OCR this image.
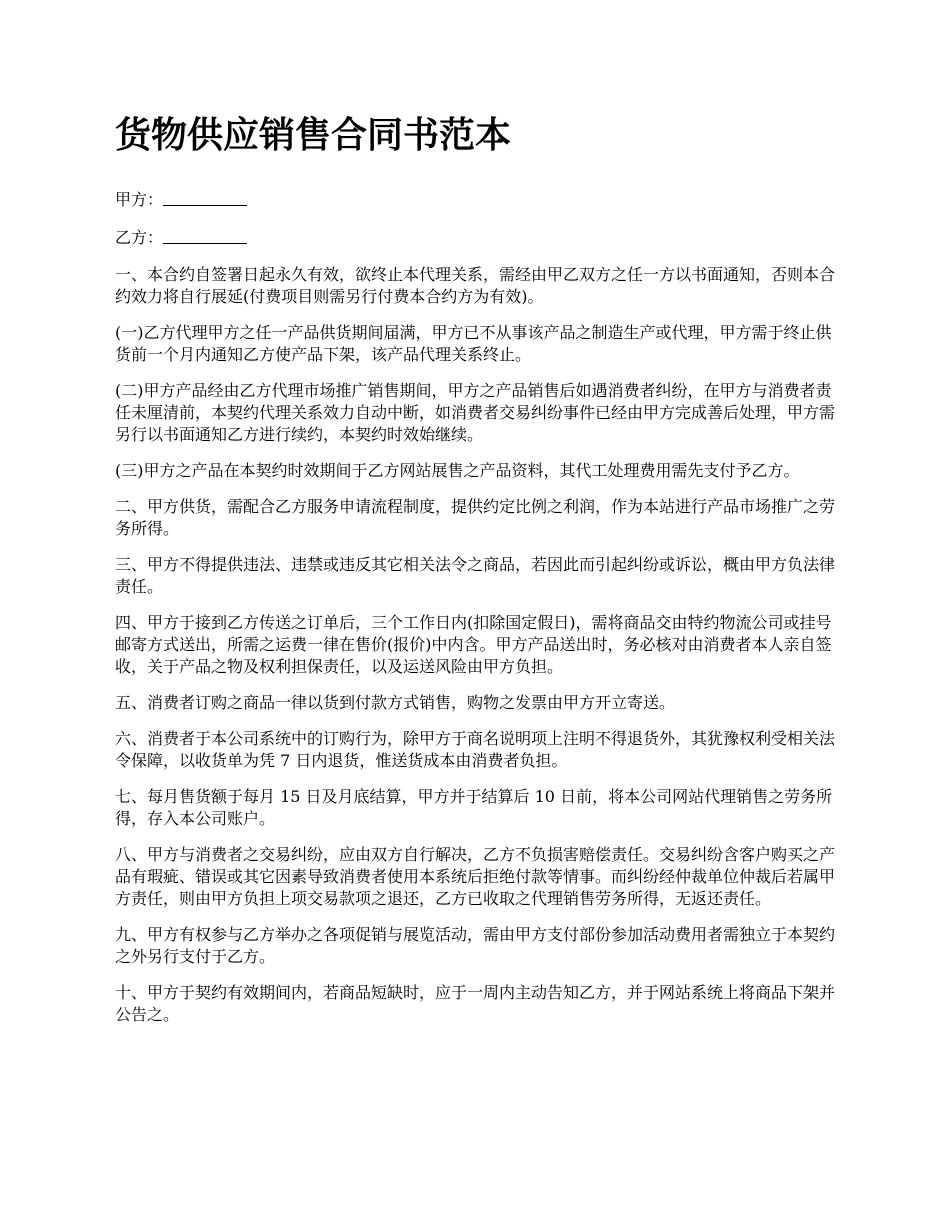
货物供应销售合同书范本
甲方：
乙方：

一、本合约自签署日起永久有效，欲终止本代理关系，需经由甲乙双方之任一方以书面通知，否则本合约效力将自行展延(付费项目则需另行付费本合约方为有效)。

(一)乙方代理甲方之任一产品供货期间届满，甲方已不从事该产品之制造生产或代理，甲方需于终止供货前一个月内通知乙方使产品下架，该产品代理关系终止。

(二)甲方产品经由乙方代理市场推广销售期间，甲方之产品销售后如遇消费者纠纷，在甲方与消费者责任未厘清前，本契约代理关系效力自动中断，如消费者交易纠纷事件已经由甲方完成善后处理，甲方需另行以书面通知乙方进行续约，本契约时效始继续。

(三)甲方之产品在本契约时效期间于乙方网站展售之产品资料，其代工处理费用需先支付予乙方。

二、甲方供货，需配合乙方服务申请流程制度，提供约定比例之利润，作为本站进行产品市场推广之劳务所得。

三、甲方不得提供违法、违禁或违反其它相关法令之商品，若因此而引起纠纷或诉讼，概由甲方负法律责任。

四、甲方于接到乙方传送之订单后，三个工作日内(扣除国定假日)，需将商品交由特约物流公司或挂号邮寄方式送出，所需之运费一律在售价(报价)中内含。甲方产品送出时，务必核对由消费者本人亲自签收，关于产品之物及权利担保责任，以及运送风险由甲方负担。

五、消费者订购之商品一律以货到付款方式销售，购物之发票由甲方开立寄送。

六、消费者于本公司系统中的订购行为，除甲方于商名说明项上注明不得退货外，其犹豫权利受相关法令保障，以收货单为凭 7 日内退货，惟送货成本由消费者负担。

七、每月售货额于每月 15 日及月底结算，甲方并于结算后 10 日前，将本公司网站代理销售之劳务所得，存入本公司账户。

八、甲方与消费者之交易纠纷，应由双方自行解决，乙方不负损害赔偿责任。交易纠纷含客户购买之产品有瑕疵、错误或其它因素导致消费者使用本系统后拒绝付款等情事。而纠纷经仲裁单位仲裁后若属甲方责任，则由甲方负担上项交易款项之退还，乙方已收取之代理销售劳务所得，无返还责任。

九、甲方有权参与乙方举办之各项促销与展览活动，需由甲方支付部份参加活动费用者需独立于本契约之外另行支付于乙方。

十、甲方于契约有效期间内，若商品短缺时，应于一周内主动告知乙方，并于网站系统上将商品下架并公告之。
